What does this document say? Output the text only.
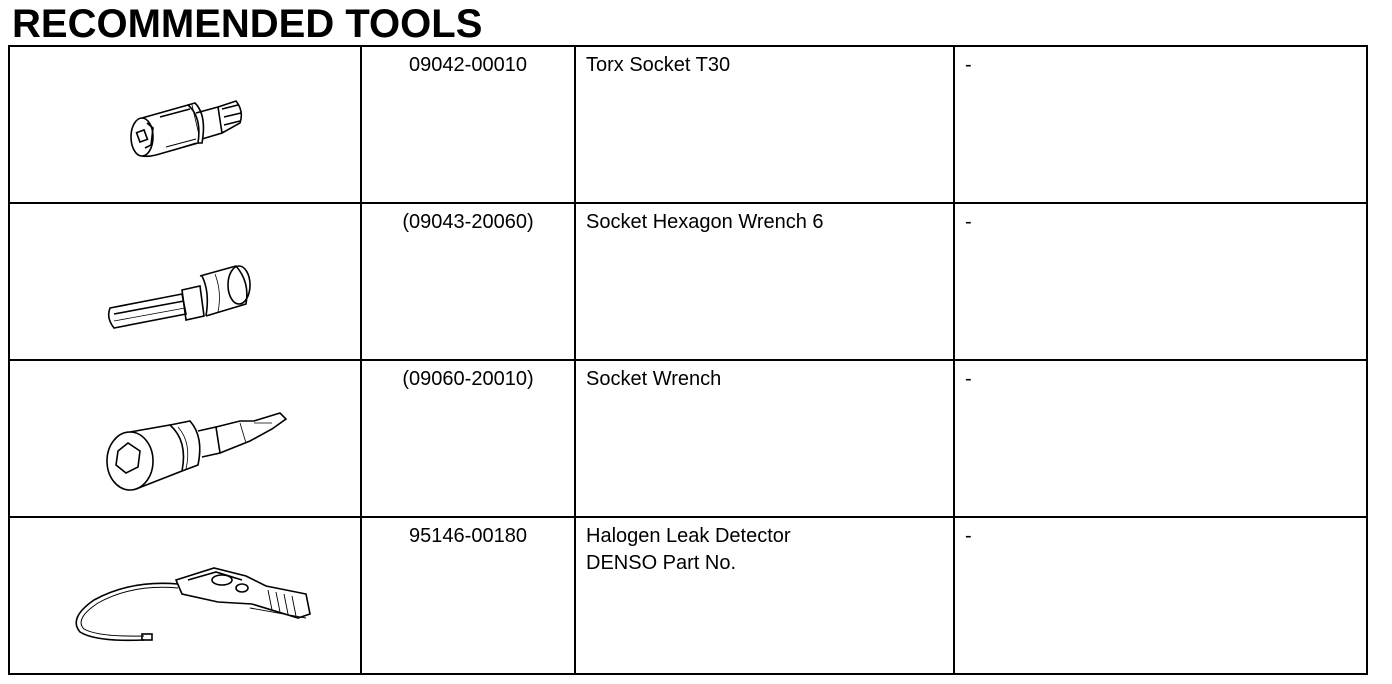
RECOMMENDED TOOLS
	09042-00010	Torx Socket T30	-

	(09043-20060)	Socket Hexagon Wrench 6	-

	(09060-20010)	Socket Wrench	-

	95146-00180	Halogen Leak Detector
DENSO Part No.	-
